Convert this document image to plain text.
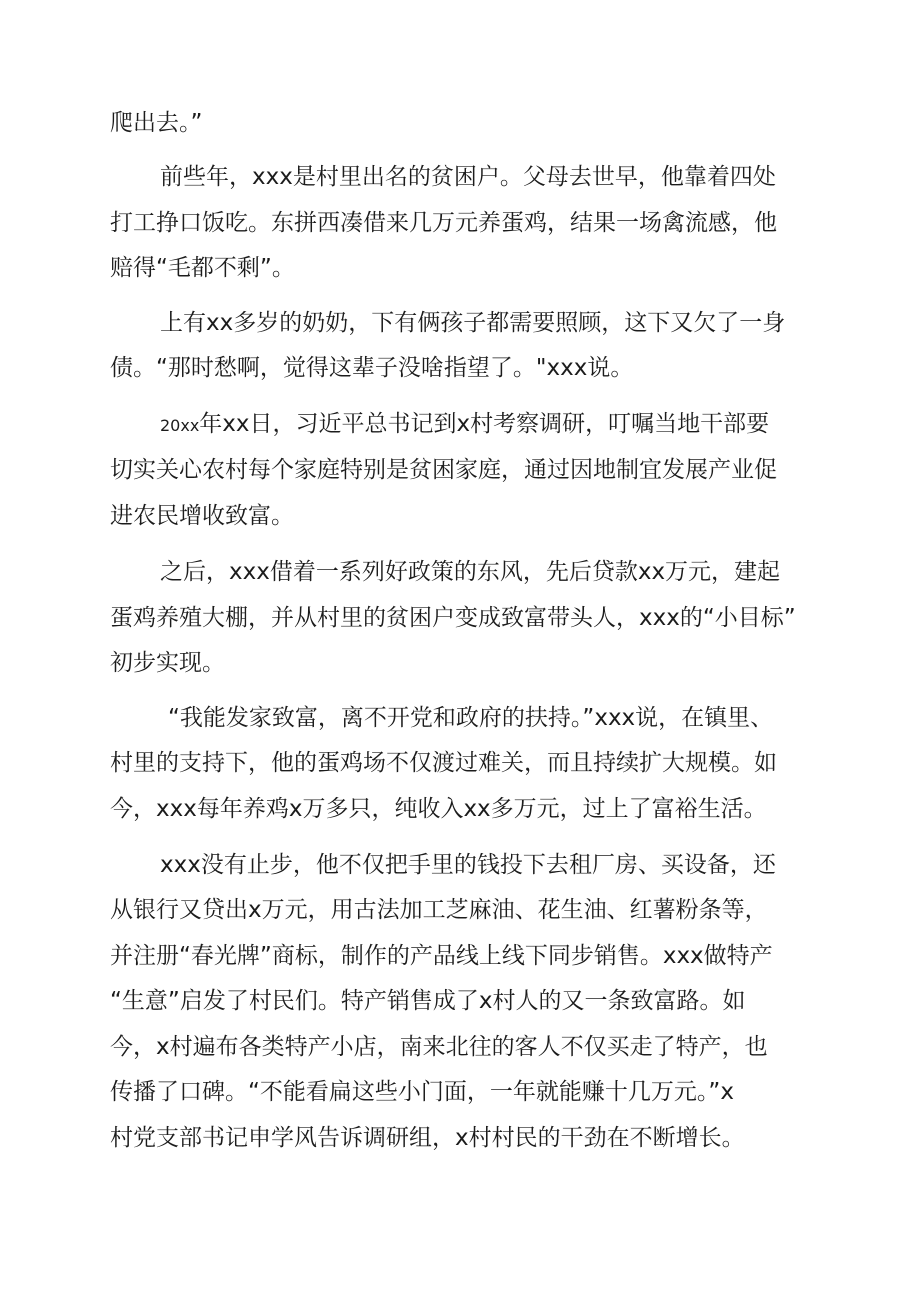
爬出去。”

前些年，xxx是村里出名的贫困户。父母去世早，他靠着四处

打工挣口饭吃。东拼西凑借来几万元养蛋鸡，结果一场禽流感，他

赔得“毛都不剩”。

上有xx多岁的奶奶，下有俩孩子都需要照顾，这下又欠了一身

债。“那时愁啊，觉得这辈子没啥指望了。"xxx说。

20xx年xx日，习近平总书记到x村考察调研，叮嘱当地干部要

切实关心农村每个家庭特别是贫困家庭，通过因地制宜发展产业促

进农民增收致富。

之后，xxx借着一系列好政策的东风，先后贷款xx万元，建起

蛋鸡养殖大棚，并从村里的贫困户变成致富带头人，xxx的“小目标”

初步实现。

“我能发家致富，离不开党和政府的扶持。”xxx说，在镇里、

村里的支持下，他的蛋鸡场不仅渡过难关，而且持续扩大规模。如

今，xxx每年养鸡x万多只，纯收入xx多万元，过上了富裕生活。

xxx没有止步，他不仅把手里的钱投下去租厂房、买设备，还

从银行又贷出x万元，用古法加工芝麻油、花生油、红薯粉条等，

并注册“春光牌”商标，制作的产品线上线下同步销售。xxx做特产

“生意”启发了村民们。特产销售成了x村人的又一条致富路。如

今，x村遍布各类特产小店，南来北往的客人不仅买走了特产，也

传播了口碑。“不能看扁这些小门面，一年就能赚十几万元。”x

村党支部书记申学风告诉调研组，x村村民的干劲在不断增长。
